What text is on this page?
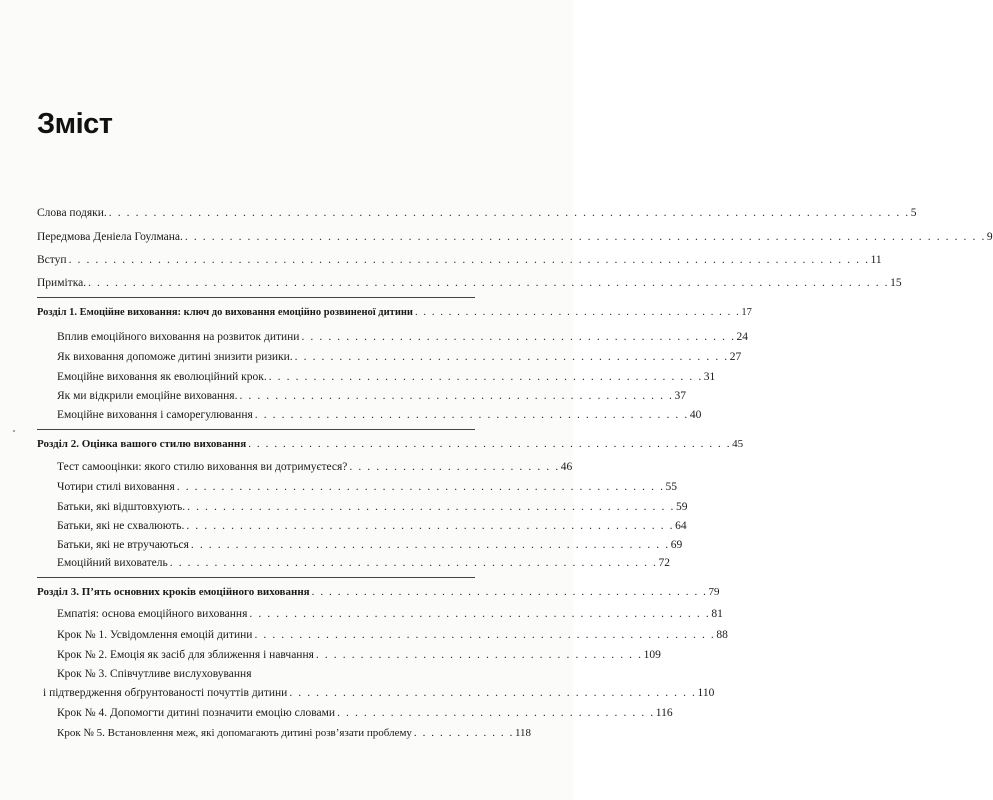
Зміст
Слова подяки. . . . . . . . . . . . . . . . . . . . . . . . . . . . . . . . . . . . . . . . . . . . . . . . . . . . . . . . . . . . . . . . . . . . . . . . . . . . . . . . . . . . . . . . . . . 5
Передмова Деніела Гоулмана. . . . . . . . . . . . . . . . . . . . . . . . . . . . . . . . . . . . . . . . . . . . . . . . . . . . . . . . . . . . . . . . . . . . . . . . . . . . . . . . . . . . . . . . . . . 9
Вступ . . . . . . . . . . . . . . . . . . . . . . . . . . . . . . . . . . . . . . . . . . . . . . . . . . . . . . . . . . . . . . . . . . . . . . . . . . . . . . . . . . . . . . . . . . 11
Примітка. . . . . . . . . . . . . . . . . . . . . . . . . . . . . . . . . . . . . . . . . . . . . . . . . . . . . . . . . . . . . . . . . . . . . . . . . . . . . . . . . . . . . . . . . . . 15
Розділ 1. Емоційне виховання: ключ до виховання емоційно розвиненої дитини . . . . . . . . . . . . . . . . . . . . . . . . . . . . . . . . . . . . . . . 17
Вплив емоційного виховання на розвиток дитини . . . . . . . . . . . . . . . . . . . . . . . . . . . . . . . . . . . . . . . . . . . . . . . . . 24
Як виховання допоможе дитині знизити ризики. . . . . . . . . . . . . . . . . . . . . . . . . . . . . . . . . . . . . . . . . . . . . . . . . . 27
Емоційне виховання як еволюційний крок. . . . . . . . . . . . . . . . . . . . . . . . . . . . . . . . . . . . . . . . . . . . . . . . . . 31
Як ми відкрили емоційне виховання. . . . . . . . . . . . . . . . . . . . . . . . . . . . . . . . . . . . . . . . . . . . . . . . . . 37
Емоційне виховання і саморегулювання . . . . . . . . . . . . . . . . . . . . . . . . . . . . . . . . . . . . . . . . . . . . . . . . . 40
Розділ 2. Оцінка вашого стилю виховання . . . . . . . . . . . . . . . . . . . . . . . . . . . . . . . . . . . . . . . . . . . . . . . . . . . . . . . . 45
Тест самооцінки: якого стилю виховання ви дотримуєтеся? . . . . . . . . . . . . . . . . . . . . . . . . 46
Чотири стилі виховання . . . . . . . . . . . . . . . . . . . . . . . . . . . . . . . . . . . . . . . . . . . . . . . . . . . . . . . 55
Батьки, які відштовхують. . . . . . . . . . . . . . . . . . . . . . . . . . . . . . . . . . . . . . . . . . . . . . . . . . . . . . . . 59
Батьки, які не схвалюють. . . . . . . . . . . . . . . . . . . . . . . . . . . . . . . . . . . . . . . . . . . . . . . . . . . . . . . . 64
Батьки, які не втручаються . . . . . . . . . . . . . . . . . . . . . . . . . . . . . . . . . . . . . . . . . . . . . . . . . . . . . . 69
Емоційний вихователь . . . . . . . . . . . . . . . . . . . . . . . . . . . . . . . . . . . . . . . . . . . . . . . . . . . . . . . 72
Розділ 3. П’ять основних кроків емоційного виховання . . . . . . . . . . . . . . . . . . . . . . . . . . . . . . . . . . . . . . . . . . . . . . 79
Емпатія: основа емоційного виховання . . . . . . . . . . . . . . . . . . . . . . . . . . . . . . . . . . . . . . . . . . . . . . . . . . . . 81
Крок № 1. Усвідомлення емоцій дитини . . . . . . . . . . . . . . . . . . . . . . . . . . . . . . . . . . . . . . . . . . . . . . . . . . . . 88
Крок № 2. Емоція як засіб для зближення і навчання . . . . . . . . . . . . . . . . . . . . . . . . . . . . . . . . . . . . . 109
Крок № 3. Співчутливе вислуховування
і підтвердження обґрунтованості почуттів дитини . . . . . . . . . . . . . . . . . . . . . . . . . . . . . . . . . . . . . . . . . . . . . . 110
Крок № 4. Допомогти дитині позначити емоцію словами . . . . . . . . . . . . . . . . . . . . . . . . . . . . . . . . . . . . 116
Крок № 5. Встановлення меж, які допомагають дитині розв’язати проблему . . . . . . . . . . . . 118
